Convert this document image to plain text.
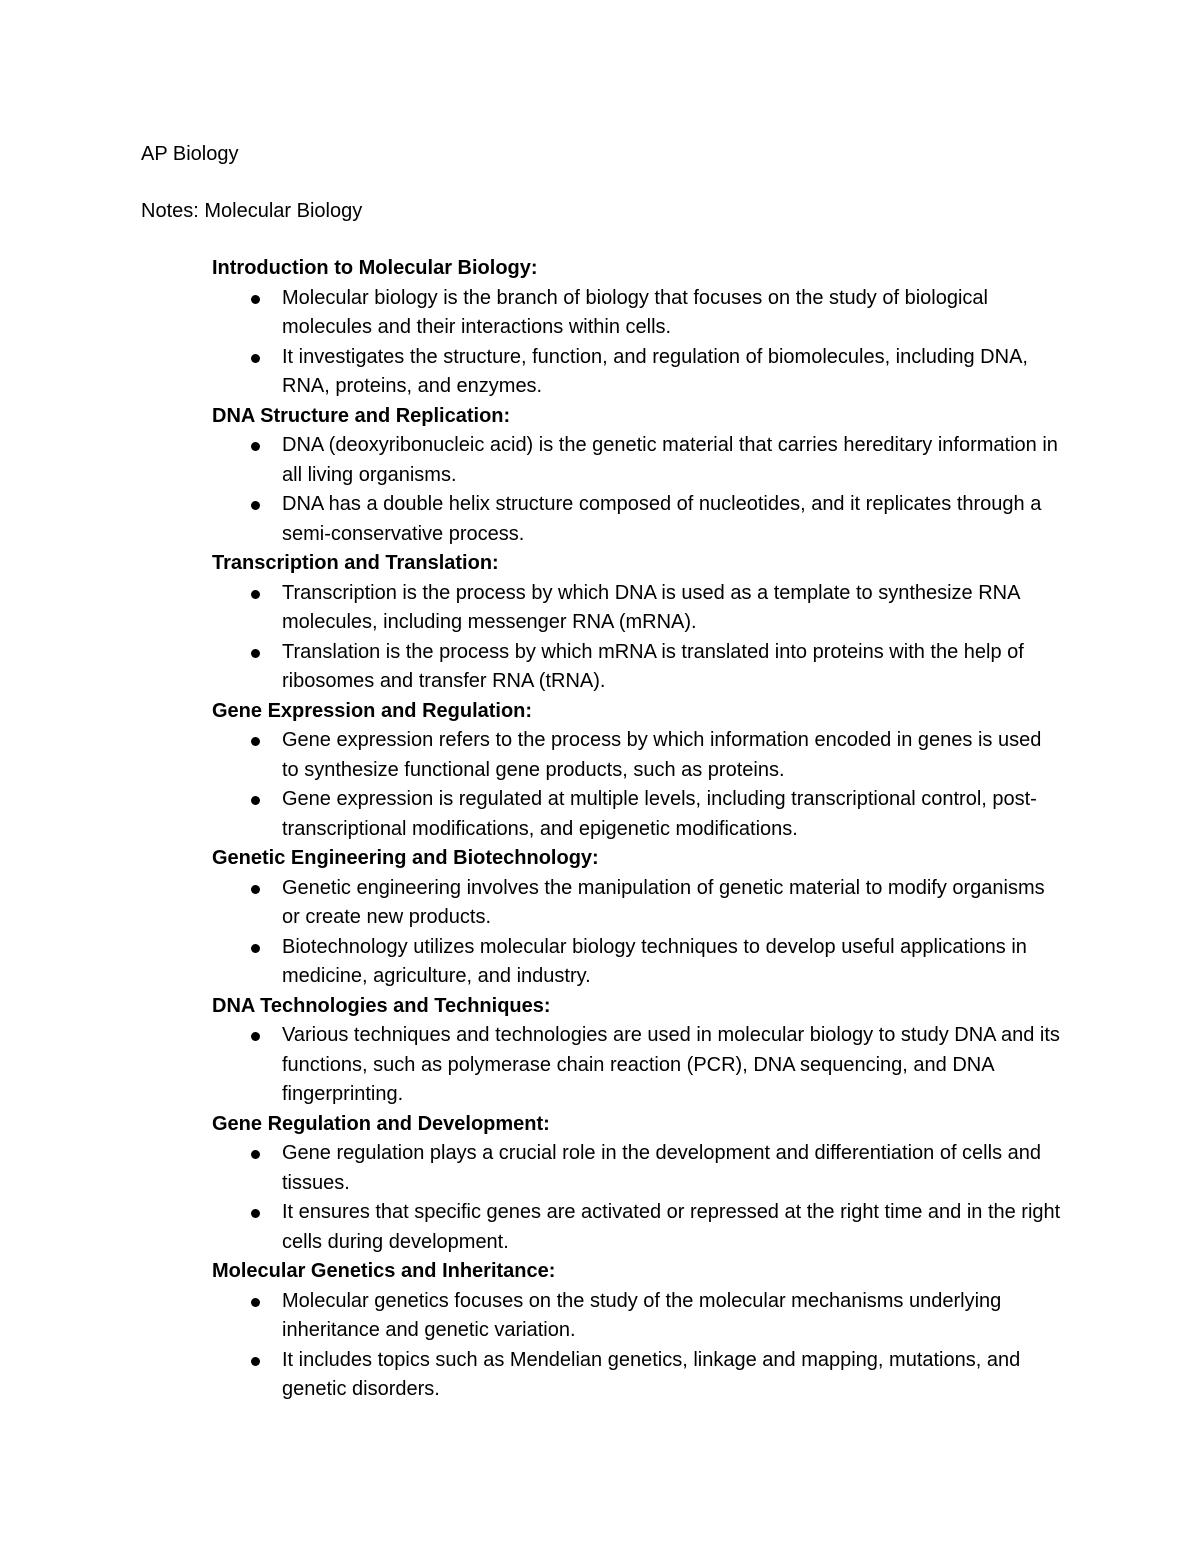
AP Biology
Notes: Molecular Biology

Introduction to Molecular Biology:

Molecular biology is the branch of biology that focuses on the study of biological molecules and their interactions within cells.
It investigates the structure, function, and regulation of biomolecules, including DNA, RNA, proteins, and enzymes.

DNA Structure and Replication:

DNA (deoxyribonucleic acid) is the genetic material that carries hereditary information in all living organisms.
DNA has a double helix structure composed of nucleotides, and it replicates through a semi-conservative process.

Transcription and Translation:

Transcription is the process by which DNA is used as a template to synthesize RNA molecules, including messenger RNA (mRNA).
Translation is the process by which mRNA is translated into proteins with the help of ribosomes and transfer RNA (tRNA).

Gene Expression and Regulation:

Gene expression refers to the process by which information encoded in genes is used to synthesize functional gene products, such as proteins.
Gene expression is regulated at multiple levels, including transcriptional control, post-transcriptional modifications, and epigenetic modifications.

Genetic Engineering and Biotechnology:

Genetic engineering involves the manipulation of genetic material to modify organisms or create new products.
Biotechnology utilizes molecular biology techniques to develop useful applications in medicine, agriculture, and industry.

DNA Technologies and Techniques:

Various techniques and technologies are used in molecular biology to study DNA and its functions, such as polymerase chain reaction (PCR), DNA sequencing, and DNA fingerprinting.

Gene Regulation and Development:

Gene regulation plays a crucial role in the development and differentiation of cells and tissues.
It ensures that specific genes are activated or repressed at the right time and in the right cells during development.

Molecular Genetics and Inheritance:

Molecular genetics focuses on the study of the molecular mechanisms underlying inheritance and genetic variation.
It includes topics such as Mendelian genetics, linkage and mapping, mutations, and genetic disorders.
